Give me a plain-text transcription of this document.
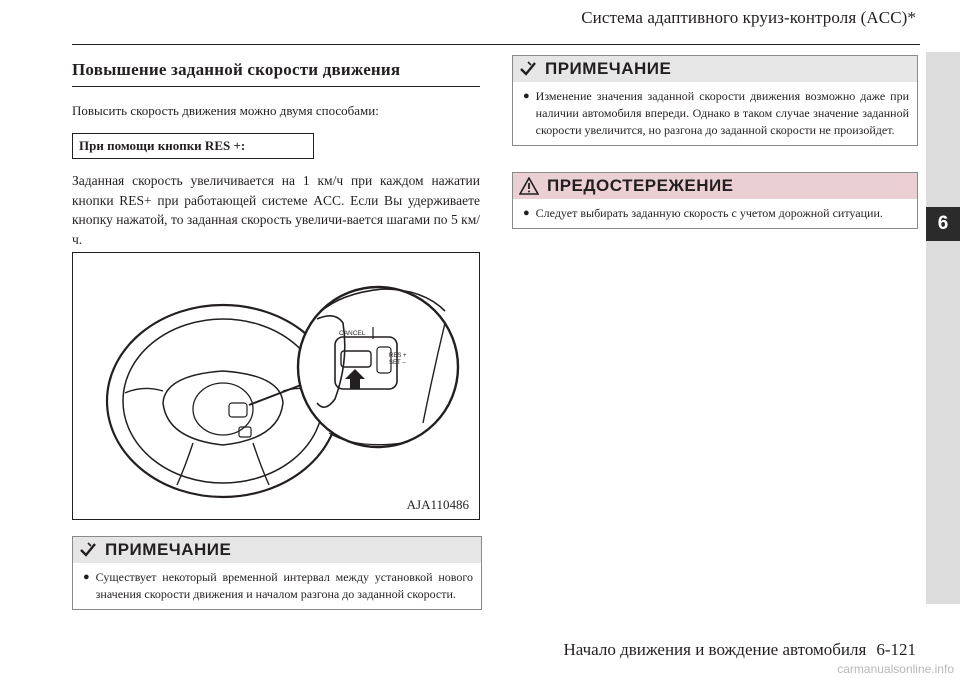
Система адаптивного круиз-контроля (ACC)*
6
Повышение заданной скорости движения
Повысить скорость движения можно двумя способами:
При помощи кнопки RES +:
Заданная скорость увеличивается на 1 км/ч при каждом нажатии кнопки RES+ при работающей системе ACC. Если Вы удерживаете кнопку нажатой, то заданная скорость увеличи-вается шагами по 5 км/ч.
CANCEL
RES +
SET –
AJA110486
ПРИМЕЧАНИЕ
● Существует некоторый временной интервал между установкой нового значения скорости движения и началом разгона до заданной скорости.
ПРИМЕЧАНИЕ
● Изменение значения заданной скорости движения возможно даже при наличии автомобиля впереди. Однако в таком случае значение заданной скорости увеличится, но разгона до заданной скорости не произойдет.
ПРЕДОСТЕРЕЖЕНИЕ
● Следует выбирать заданную скорость с учетом дорожной ситуации.
Начало движения и вождение автомобиля 6-121
carmanualsonline.info
